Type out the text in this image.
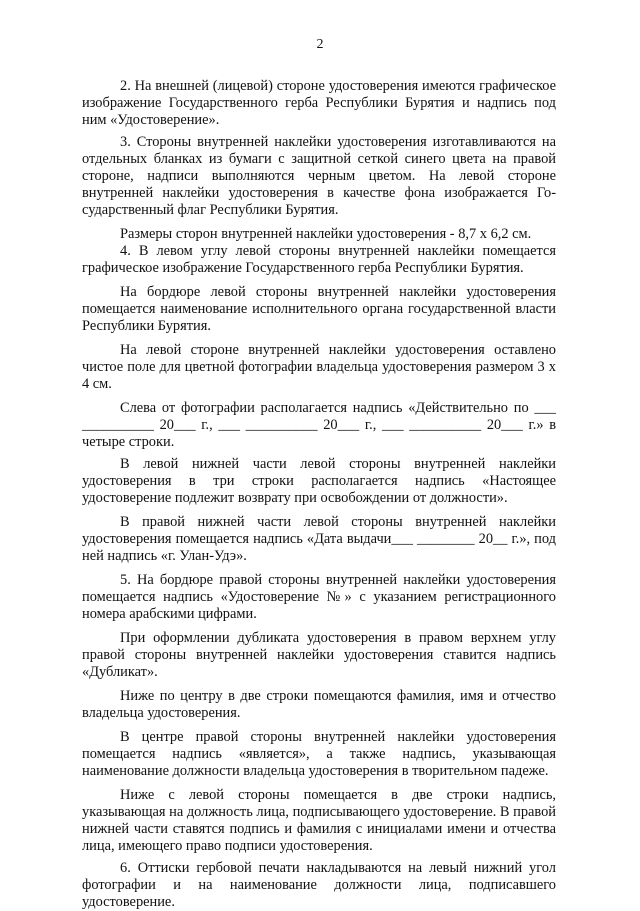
2

2. На внешней (лицевой) стороне удостоверения имеются графическое изображение Государственного герба Республики Бурятия и надпись под ним «Удостоверение».

3. Стороны внутренней наклейки удостоверения изготавливаются на отдельных бланках из бумаги с защитной сеткой синего цвета на правой стороне, надписи выполняются черным цветом. На левой стороне внутренней наклейки удостоверения в качестве фона изображается Го-сударственный флаг Республики Бурятия.

Размеры сторон внутренней наклейки удостоверения - 8,7 х 6,2 см.

4. В левом углу левой стороны внутренней наклейки помещается графическое изображение Государственного герба Республики Бурятия.

На бордюре левой стороны внутренней наклейки удостоверения помещается наименование исполнительного органа государственной власти Республики Бурятия.

На левой стороне внутренней наклейки удостоверения оставлено чистое поле для цветной фотографии владельца удостоверения размером 3 х 4 см.

Слева от фотографии располагается надпись «Действительно по ___ __________ 20___ г., ___ __________ 20___ г., ___ __________ 20___ г.» в четыре строки.

В левой нижней части левой стороны внутренней наклейки удостоверения в три строки располагается надпись «Настоящее удостоверение подлежит возврату при освобождении от должности».

В правой нижней части левой стороны внутренней наклейки удостоверения помещается надпись «Дата выдачи___ ________ 20__ г.», под ней надпись «г. Улан-Удэ».

5. На бордюре правой стороны внутренней наклейки удостоверения помещается надпись «Удостоверение №» с указанием регистрационного номера арабскими цифрами.

При оформлении дубликата удостоверения в правом верхнем углу правой стороны внутренней наклейки удостоверения ставится надпись «Дубликат».

Ниже по центру в две строки помещаются фамилия, имя и отчество владельца удостоверения.

В центре правой стороны внутренней наклейки удостоверения помещается надпись «является», а также надпись, указывающая наименование должности владельца удостоверения в творительном падеже.

Ниже с левой стороны помещается в две строки надпись, указывающая на должность лица, подписывающего удостоверение. В правой нижней части ставятся подпись и фамилия с инициалами имени и отчества лица, имеющего право подписи удостоверения.

6. Оттиски гербовой печати накладываются на левый нижний угол фотографии и на наименование должности лица, подписавшего удостоверение.
